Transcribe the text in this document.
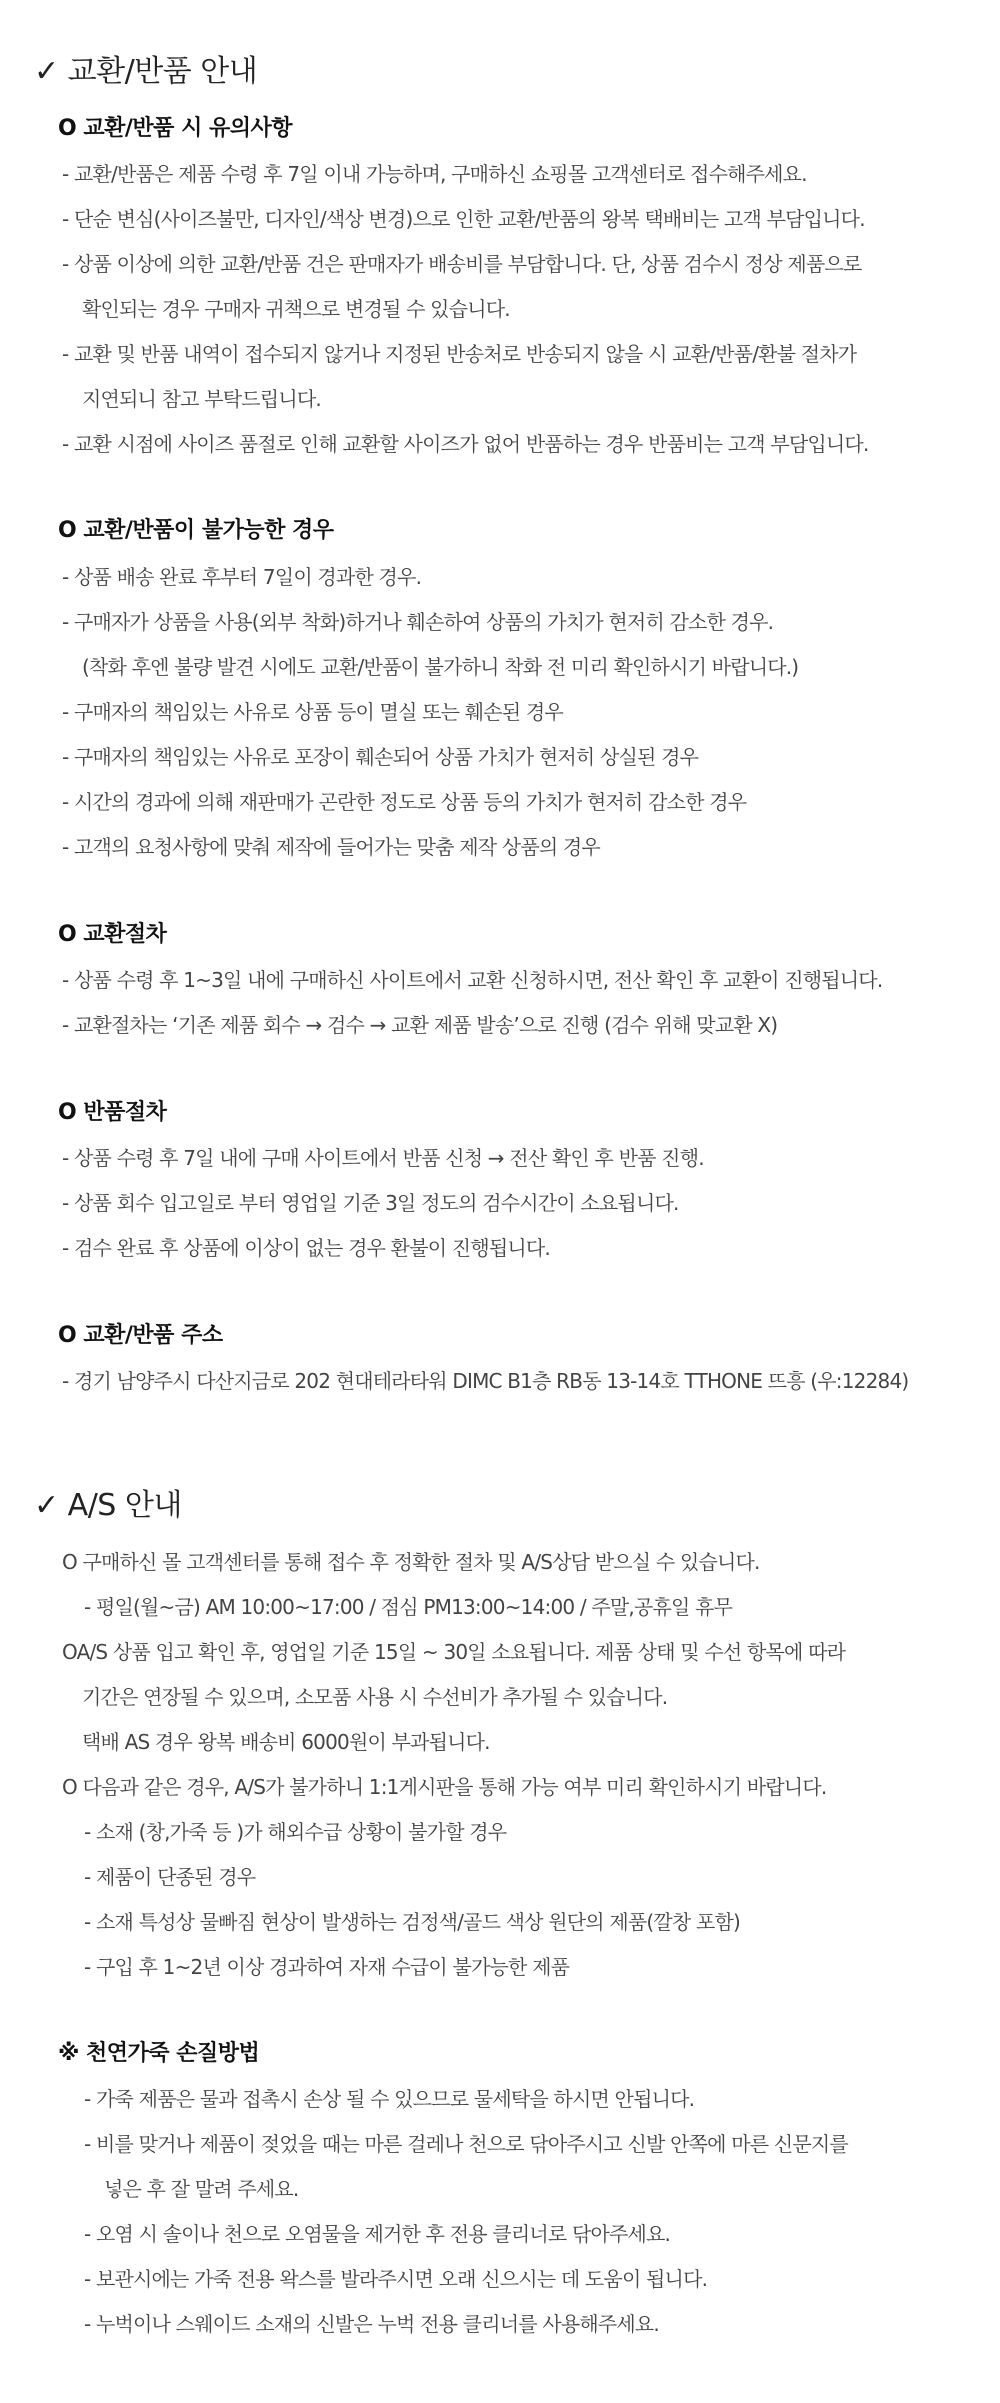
✓ 교환/반품 안내
O 교환/반품 시 유의사항

- 교환/반품은 제품 수령 후 7일 이내 가능하며, 구매하신 쇼핑몰 고객센터로 접수해주세요.

- 단순 변심(사이즈불만, 디자인/색상 변경)으로 인한 교환/반품의 왕복 택배비는 고객 부담입니다.

- 상품 이상에 의한 교환/반품 건은 판매자가 배송비를 부담합니다. 단, 상품 검수시 정상 제품으로

확인되는 경우 구매자 귀책으로 변경될 수 있습니다.

- 교환 및 반품 내역이 접수되지 않거나 지정된 반송처로 반송되지 않을 시 교환/반품/환불 절차가

지연되니 참고 부탁드립니다.

- 교환 시점에 사이즈 품절로 인해 교환할 사이즈가 없어 반품하는 경우 반품비는 고객 부담입니다.

O 교환/반품이 불가능한 경우

- 상품 배송 완료 후부터 7일이 경과한 경우.

- 구매자가 상품을 사용(외부 착화)하거나 훼손하여 상품의 가치가 현저히 감소한 경우.

(착화 후엔 불량 발견 시에도 교환/반품이 불가하니 착화 전 미리 확인하시기 바랍니다.)

- 구매자의 책임있는 사유로 상품 등이 멸실 또는 훼손된 경우

- 구매자의 책임있는 사유로 포장이 훼손되어 상품 가치가 현저히 상실된 경우

- 시간의 경과에 의해 재판매가 곤란한 정도로 상품 등의 가치가 현저히 감소한 경우

- 고객의 요청사항에 맞춰 제작에 들어가는 맞춤 제작 상품의 경우

O 교환절차

- 상품 수령 후 1~3일 내에 구매하신 사이트에서 교환 신청하시면, 전산 확인 후 교환이 진행됩니다.

- 교환절차는 ‘기존 제품 회수 → 검수 → 교환 제품 발송’으로 진행 (검수 위해 맞교환 X)

O 반품절차

- 상품 수령 후 7일 내에 구매 사이트에서 반품 신청 → 전산 확인 후 반품 진행.

- 상품 회수 입고일로 부터 영업일 기준 3일 정도의 검수시간이 소요됩니다.

- 검수 완료 후 상품에 이상이 없는 경우 환불이 진행됩니다.

O 교환/반품 주소

- 경기 남양주시 다산지금로 202 현대테라타워 DIMC B1층 RB동 13-14호 TTHONE 뜨흥 (우:12284)

✓ A/S 안내

O 구매하신 몰 고객센터를 통해 접수 후 정확한 절차 및 A/S상담 받으실 수 있습니다.

- 평일(월~금) AM 10:00~17:00 / 점심 PM13:00~14:00 / 주말,공휴일 휴무

OA/S 상품 입고 확인 후, 영업일 기준 15일 ~ 30일 소요됩니다. 제품 상태 및 수선 항목에 따라

기간은 연장될 수 있으며, 소모품 사용 시 수선비가 추가될 수 있습니다.

택배 AS 경우 왕복 배송비 6000원이 부과됩니다.

O 다음과 같은 경우, A/S가 불가하니 1:1게시판을 통해 가능 여부 미리 확인하시기 바랍니다.

- 소재 (창,가죽 등 )가 해외수급 상황이 불가할 경우

- 제품이 단종된 경우

- 소재 특성상 물빠짐 현상이 발생하는 검정색/골드 색상 원단의 제품(깔창 포함)

- 구입 후 1~2년 이상 경과하여 자재 수급이 불가능한 제품

※ 천연가죽 손질방법

- 가죽 제품은 물과 접촉시 손상 될 수 있으므로 물세탁을 하시면 안됩니다.

- 비를 맞거나 제품이 젖었을 때는 마른 걸레나 천으로 닦아주시고 신발 안쪽에 마른 신문지를

넣은 후 잘 말려 주세요.

- 오염 시 솔이나 천으로 오염물을 제거한 후 전용 클리너로 닦아주세요.

- 보관시에는 가죽 전용 왁스를 발라주시면 오래 신으시는 데 도움이 됩니다.

- 누벅이나 스웨이드 소재의 신발은 누벅 전용 클리너를 사용해주세요.
